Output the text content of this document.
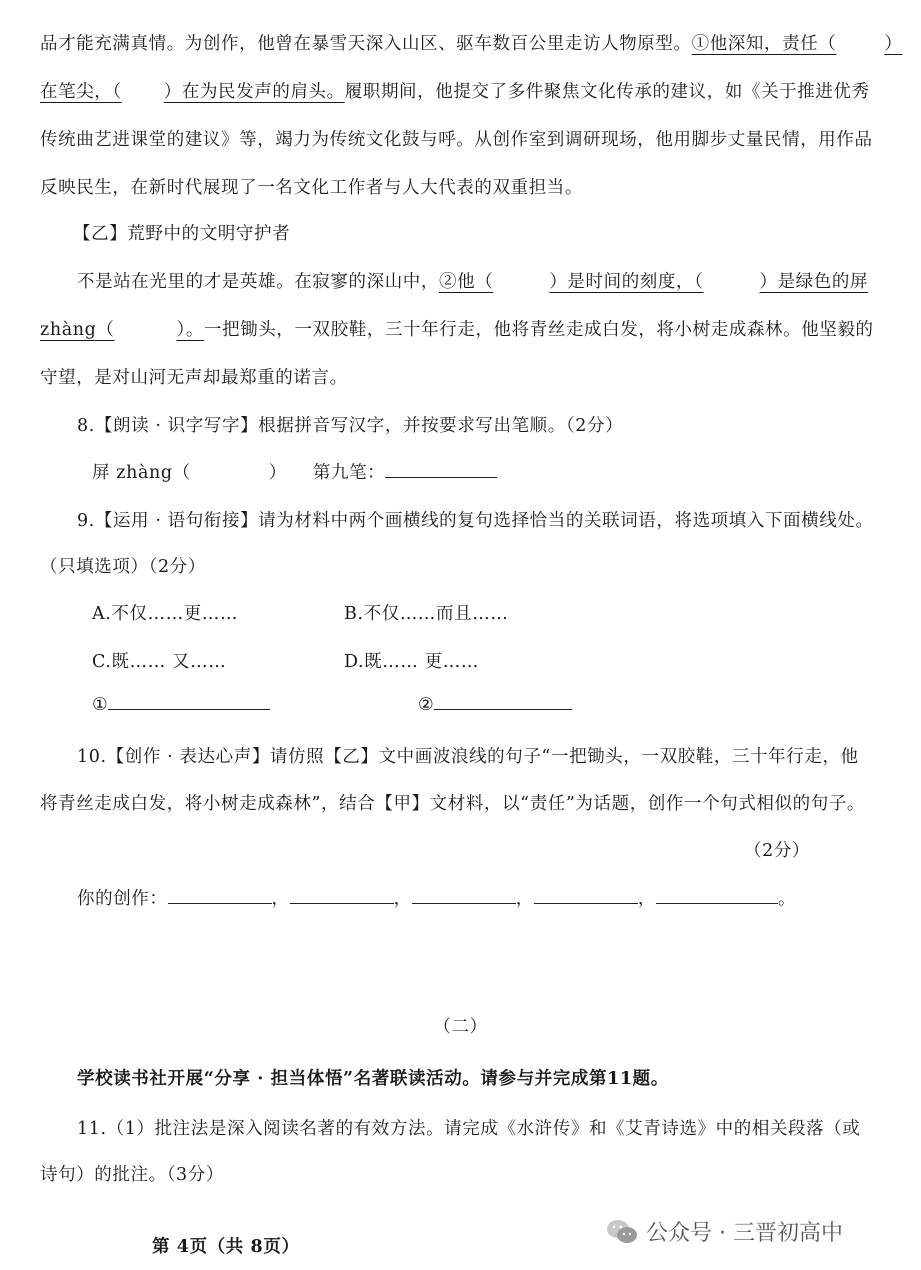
品才能充满真情。为创作，他曾在暴雪天深入山区、驱车数百公里走访人物原型。①他深知，责任（	）
在笔尖，（ ）在为民发声的肩头。履职期间，他提交了多件聚焦文化传承的建议，如《关于推进优秀
传统曲艺进课堂的建议》等，竭力为传统文化鼓与呼。从创作室到调研现场，他用脚步丈量民情，用作品
反映民生，在新时代展现了一名文化工作者与人大代表的双重担当。
【乙】荒野中的文明守护者
不是站在光里的才是英雄。在寂寥的深山中，②他（	）是时间的刻度，（	）是绿色的屏
zhàng（	）。一把锄头，一双胶鞋，三十年行走，他将青丝走成白发，将小树走成森林。他坚毅的
守望，是对山河无声却最郑重的诺言。
8.【朗读 · 识字写字】根据拼音写汉字，并按要求写出笔顺。（2分）
屏 zhàng（	） 第九笔：
9.【运用 · 语句衔接】请为材料中两个画横线的复句选择恰当的关联词语，将选项填入下面横线处。
（只填选项）（2分）
A.不仅……更……	B.不仅……而且……
C.既…… 又……	D.既…… 更……
①	②
10.【创作 · 表达心声】请仿照【乙】文中画波浪线的句子“一把锄头，一双胶鞋，三十年行走，他
将青丝走成白发，将小树走成森林”，结合【甲】文材料，以“责任”为话题，创作一个句式相似的句子。
（2分）
你的创作：	，	，	，	，	。
（二）
学校读书社开展“分享 · 担当体悟”名著联读活动。请参与并完成第11题。
11.（1）批注法是深入阅读名著的有效方法。请完成《水浒传》和《艾青诗选》中的相关段落（或
诗句）的批注。（3分）
第 4页（共 8页）
公众号 · 三晋初高中
